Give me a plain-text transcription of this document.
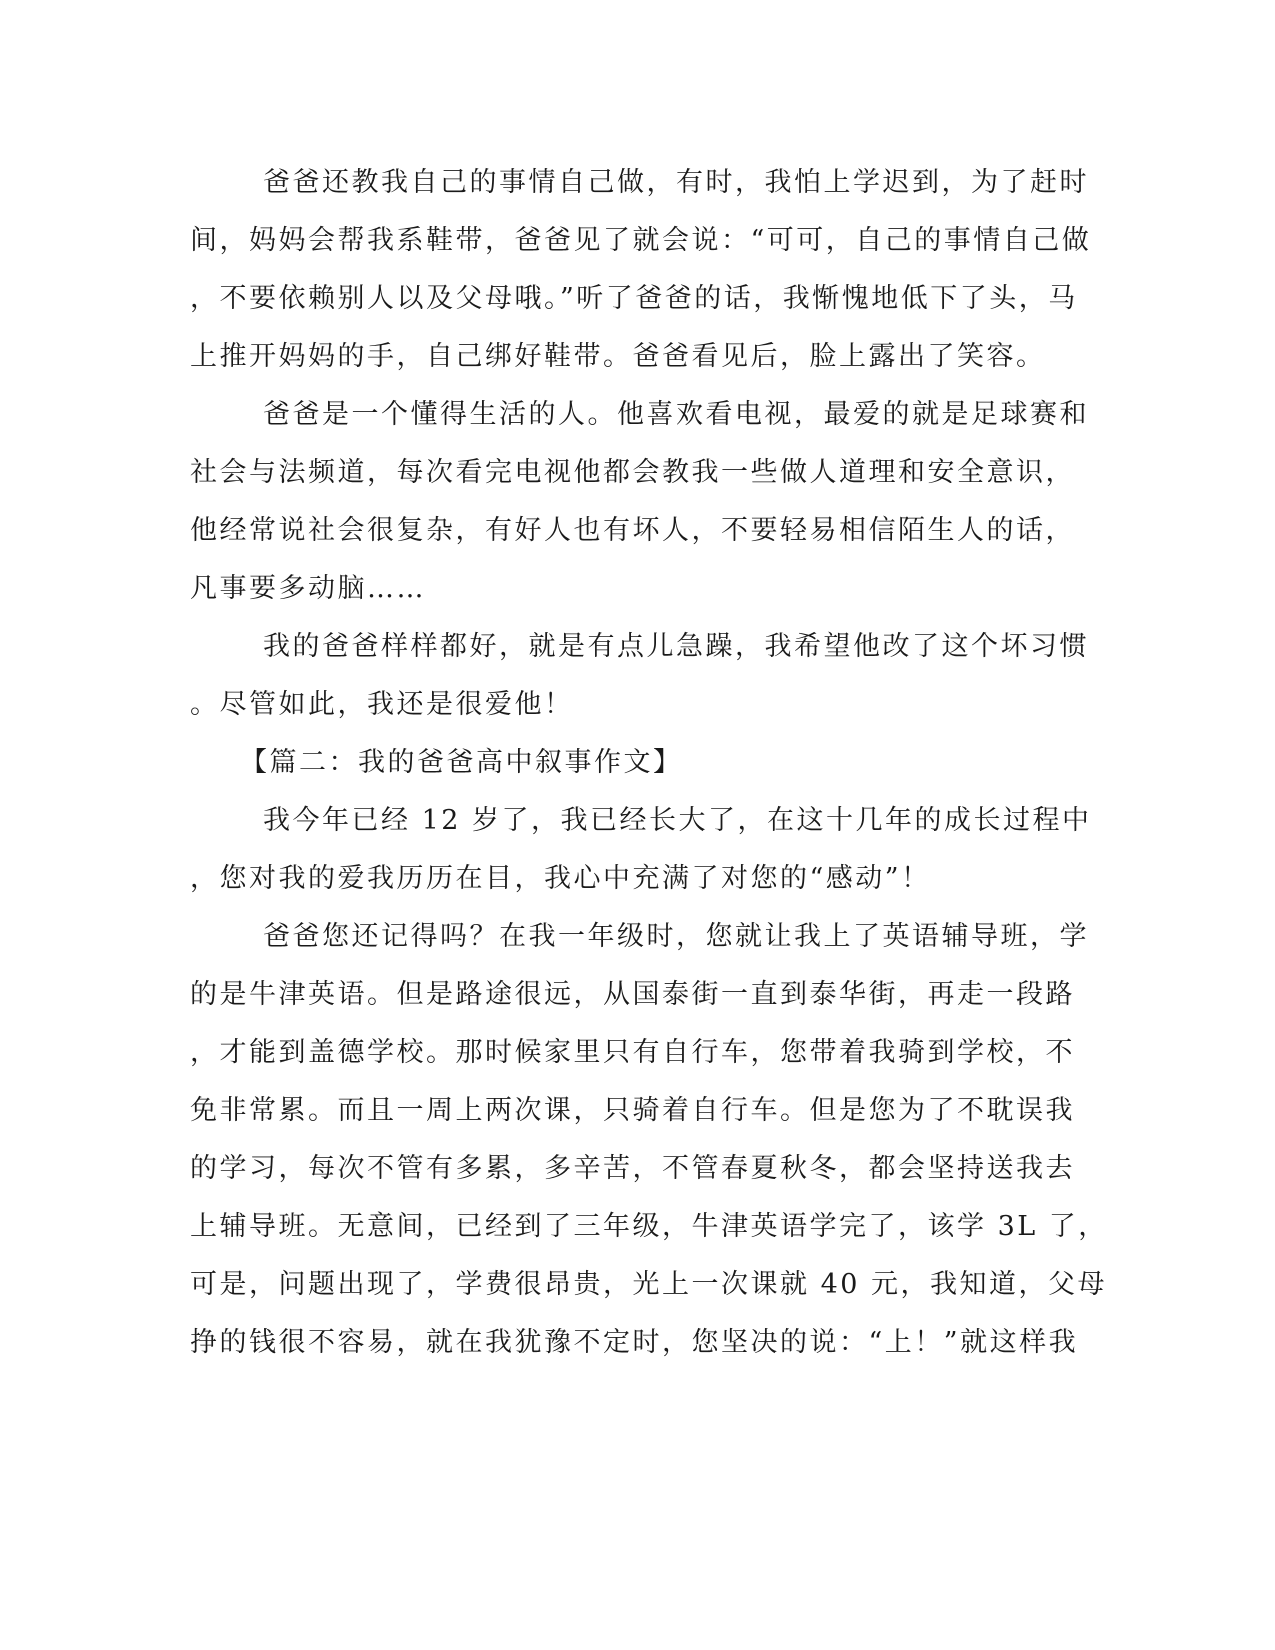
爸爸还教我自己的事情自己做，有时，我怕上学迟到，为了赶时
间，妈妈会帮我系鞋带，爸爸见了就会说：“可可，自己的事情自己做
，不要依赖别人以及父母哦。”听了爸爸的话，我惭愧地低下了头，马
上推开妈妈的手，自己绑好鞋带。爸爸看见后，脸上露出了笑容。
爸爸是一个懂得生活的人。他喜欢看电视，最爱的就是足球赛和
社会与法频道，每次看完电视他都会教我一些做人道理和安全意识，
他经常说社会很复杂，有好人也有坏人，不要轻易相信陌生人的话，
凡事要多动脑……
我的爸爸样样都好，就是有点儿急躁，我希望他改了这个坏习惯
。尽管如此，我还是很爱他！
【篇二：我的爸爸高中叙事作文】
我今年已经 12 岁了，我已经长大了，在这十几年的成长过程中
，您对我的爱我历历在目，我心中充满了对您的“感动”！
爸爸您还记得吗？在我一年级时，您就让我上了英语辅导班，学
的是牛津英语。但是路途很远，从国泰街一直到泰华街，再走一段路
，才能到盖德学校。那时候家里只有自行车，您带着我骑到学校，不
免非常累。而且一周上两次课，只骑着自行车。但是您为了不耽误我
的学习，每次不管有多累，多辛苦，不管春夏秋冬，都会坚持送我去
上辅导班。无意间，已经到了三年级，牛津英语学完了，该学 3L 了，
可是，问题出现了，学费很昂贵，光上一次课就 40 元，我知道，父母
挣的钱很不容易，就在我犹豫不定时，您坚决的说：“上！”就这样我
